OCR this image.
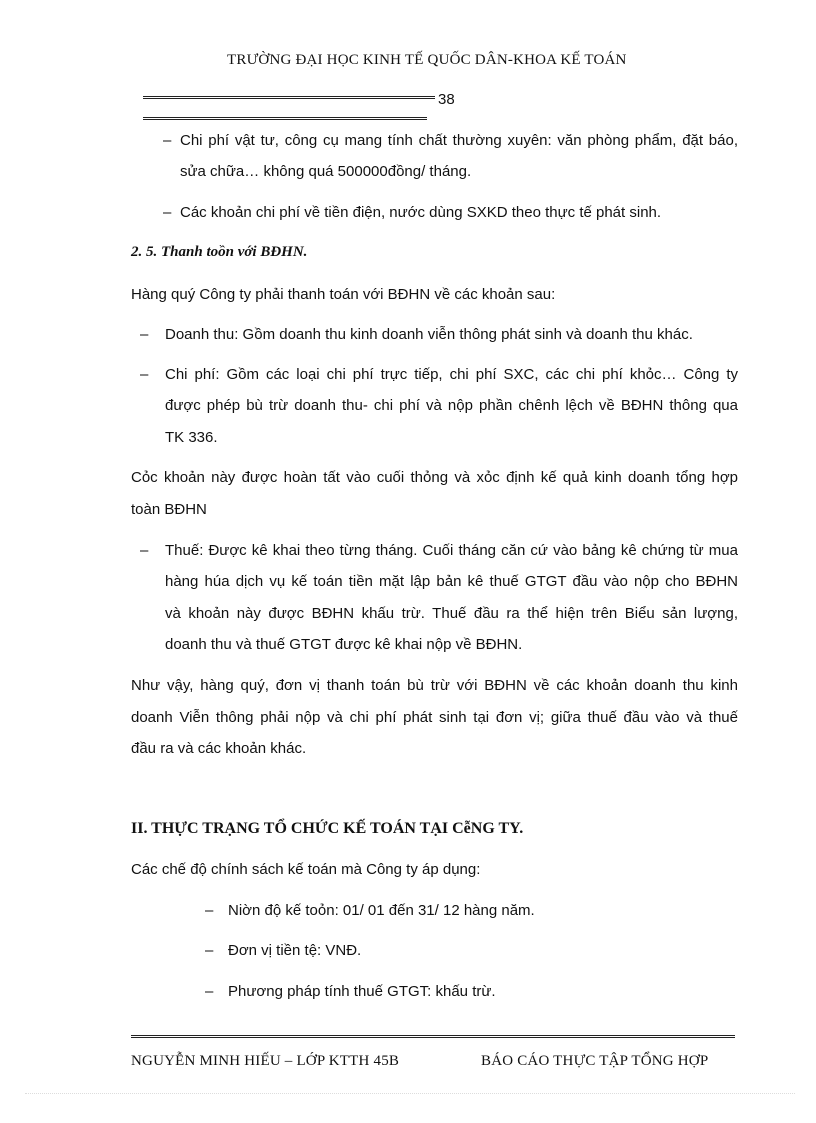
TRƯỜNG ĐẠI HỌC KINH TẾ QUỐC DÂN-KHOA KẾ TOÁN
38
– Chi phí vật tư, công cụ mang tính chất thường xuyên: văn phòng phẩm, đặt báo,
sửa chữa… không quá 500000đồng/ tháng.
– Các khoản chi phí về tiền điện, nước dùng SXKD theo thực tế phát sinh.
2. 5. Thanh toồn với BĐHN.
Hàng quý Công ty phải thanh toán với BĐHN về các khoản sau:
– Doanh thu: Gồm doanh thu kinh doanh viễn thông phát sinh và doanh thu khác.
– Chi phí: Gồm các loại chi phí trực tiếp, chi phí SXC, các chi phí khỏc… Công ty
được phép bù trừ doanh thu- chi phí và nộp phần chênh lệch về BĐHN thông qua
TK 336.
Cỏc khoản này được hoàn tất vào cuối thỏng và xỏc định kế quả kinh doanh tổng hợp
toàn BĐHN
– Thuế: Được kê khai theo từng tháng. Cuối tháng căn cứ vào bảng kê chứng từ mua
hàng húa dịch vụ kế toán tiền mặt lập bản kê thuế GTGT đầu vào nộp cho BĐHN
và khoản này được BĐHN khấu trừ. Thuế đầu ra thể hiện trên Biểu sản lượng,
doanh thu và thuế GTGT được kê khai nộp về BĐHN.
Như vậy, hàng quý, đơn vị thanh toán bù trừ với BĐHN về các khoản doanh thu kinh
doanh Viễn thông phải nộp và chi phí phát sinh tại đơn vị; giữa thuế đầu vào và thuế
đầu ra và các khoản khác.
II. THỰC TRẠNG TỔ CHỨC KẾ TOÁN TẠI CễNG TY.
Các chế độ chính sách kế toán mà Công ty áp dụng:
– Niờn độ kế toỏn: 01/ 01 đến 31/ 12 hàng năm.
– Đơn vị tiền tệ: VNĐ.
– Phương pháp tính thuế GTGT: khấu trừ.
NGUYỄN MINH HIẾU – LỚP KTTH 45B	BÁO CÁO THỰC TẬP TỔNG HỢP
